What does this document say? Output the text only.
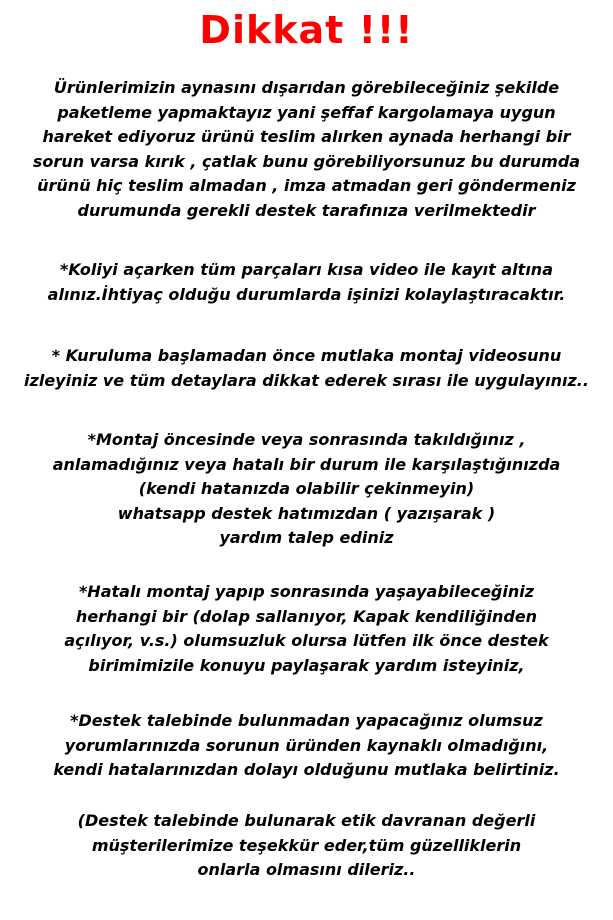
Dikkat !!!

Ürünlerimizin aynasını dışarıdan görebileceğiniz şekilde
paketleme yapmaktayız yani şeffaf kargolamaya uygun
hareket ediyoruz ürünü teslim alırken aynada herhangi bir
sorun varsa kırık , çatlak bunu görebiliyorsunuz bu durumda
ürünü hiç teslim almadan , imza atmadan geri göndermeniz
durumunda gerekli destek tarafınıza verilmektedir

*Koliyi açarken tüm parçaları kısa video ile kayıt altına
alınız.İhtiyaç olduğu durumlarda işinizi kolaylaştıracaktır.

* Kuruluma başlamadan önce mutlaka montaj videosunu
izleyiniz ve tüm detaylara dikkat ederek sırası ile uygulayınız..

*Montaj öncesinde veya sonrasında takıldığınız ,
anlamadığınız veya hatalı bir durum ile karşılaştığınızda
(kendi hatanızda olabilir çekinmeyin)
whatsapp destek hatımızdan ( yazışarak )
yardım talep ediniz

*Hatalı montaj yapıp sonrasında yaşayabileceğiniz
herhangi bir (dolap sallanıyor, Kapak kendiliğinden
açılıyor, v.s.) olumsuzluk olursa lütfen ilk önce destek
birimimizile konuyu paylaşarak yardım isteyiniz,

*Destek talebinde bulunmadan yapacağınız olumsuz
yorumlarınızda sorunun üründen kaynaklı olmadığını,
kendi hatalarınızdan dolayı olduğunu mutlaka belirtiniz.

(Destek talebinde bulunarak etik davranan değerli
müşterilerimize teşekkür eder,tüm güzelliklerin
onlarla olmasını dileriz..
